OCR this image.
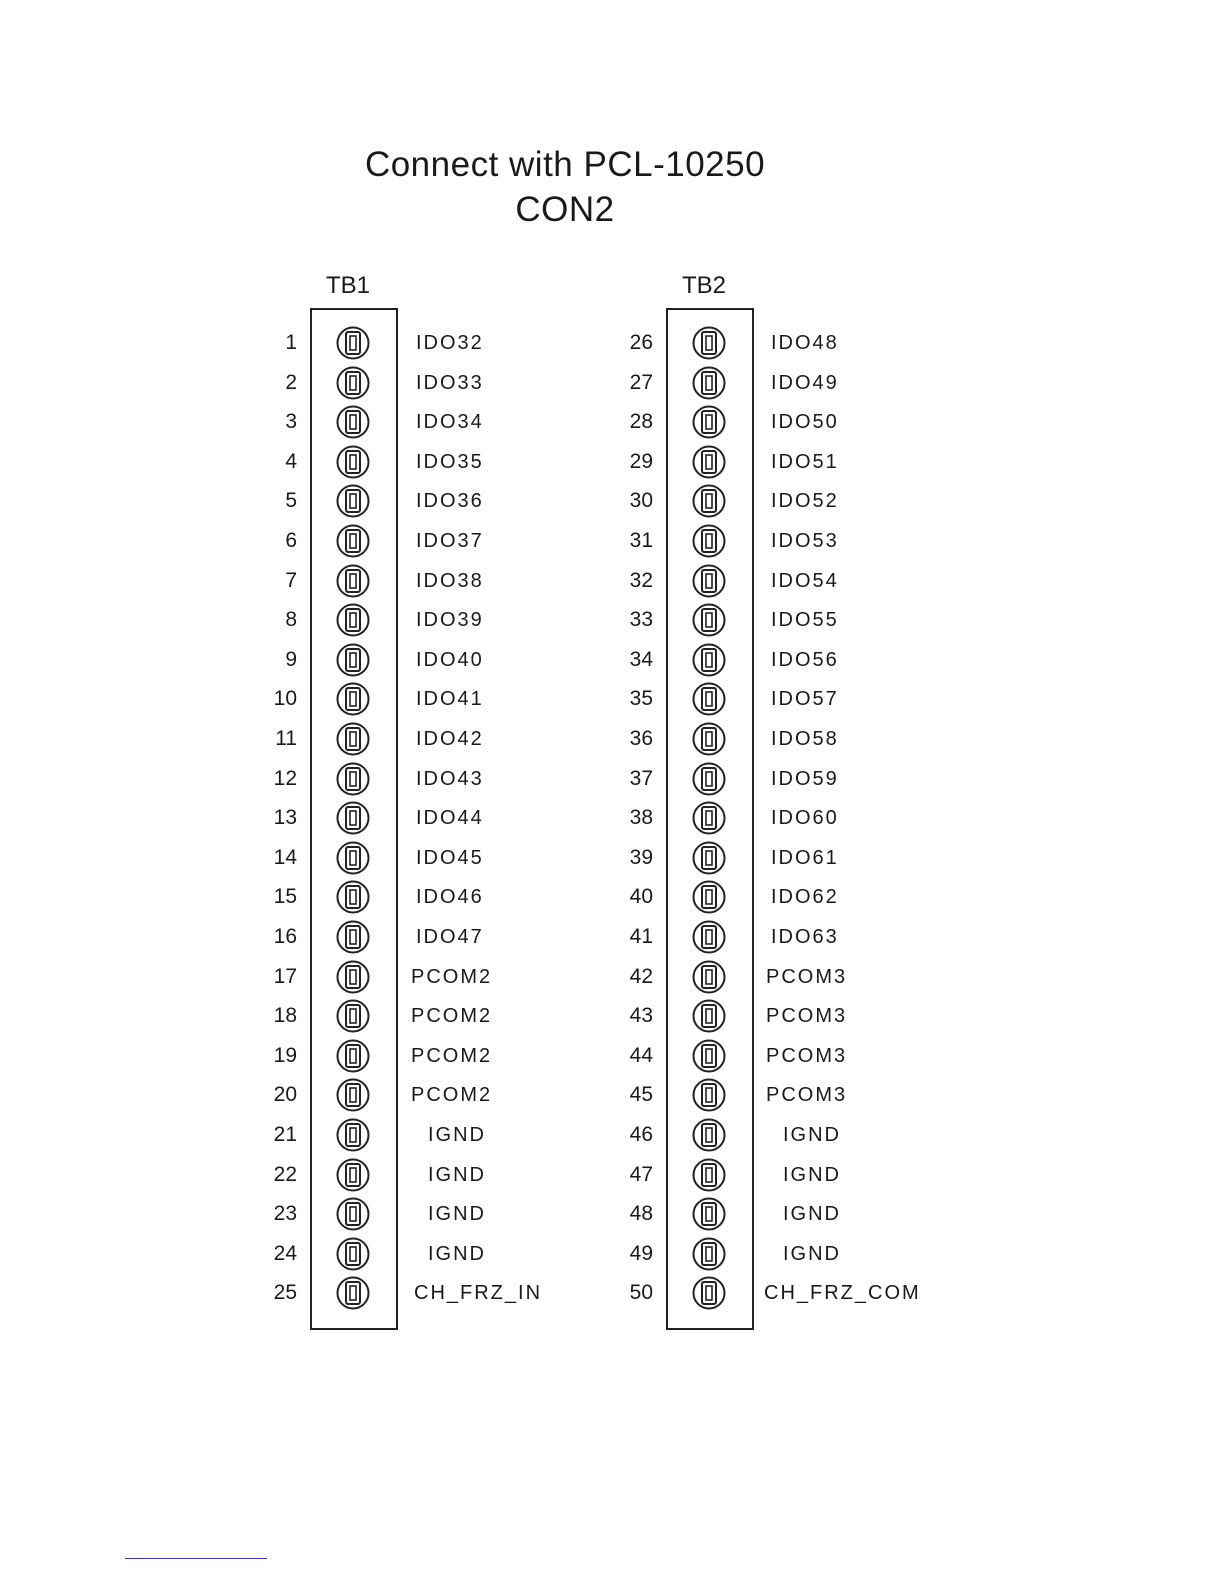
Connect with PCL-10250
CON2
TB1	TB2
1	IDO32
2	IDO33
3	IDO34
4	IDO35
5	IDO36
6	IDO37
7	IDO38
8	IDO39
9	IDO40
10	IDO41
11	IDO42
12	IDO43
13	IDO44
14	IDO45
15	IDO46
16	IDO47
17	PCOM2
18	PCOM2
19	PCOM2
20	PCOM2
21	IGND
22	IGND
23	IGND
24	IGND
25	CH_FRZ_IN
26	IDO48
27	IDO49
28	IDO50
29	IDO51
30	IDO52
31	IDO53
32	IDO54
33	IDO55
34	IDO56
35	IDO57
36	IDO58
37	IDO59
38	IDO60
39	IDO61
40	IDO62
41	IDO63
42	PCOM3
43	PCOM3
44	PCOM3
45	PCOM3
46	IGND
47	IGND
48	IGND
49	IGND
50	CH_FRZ_COM
